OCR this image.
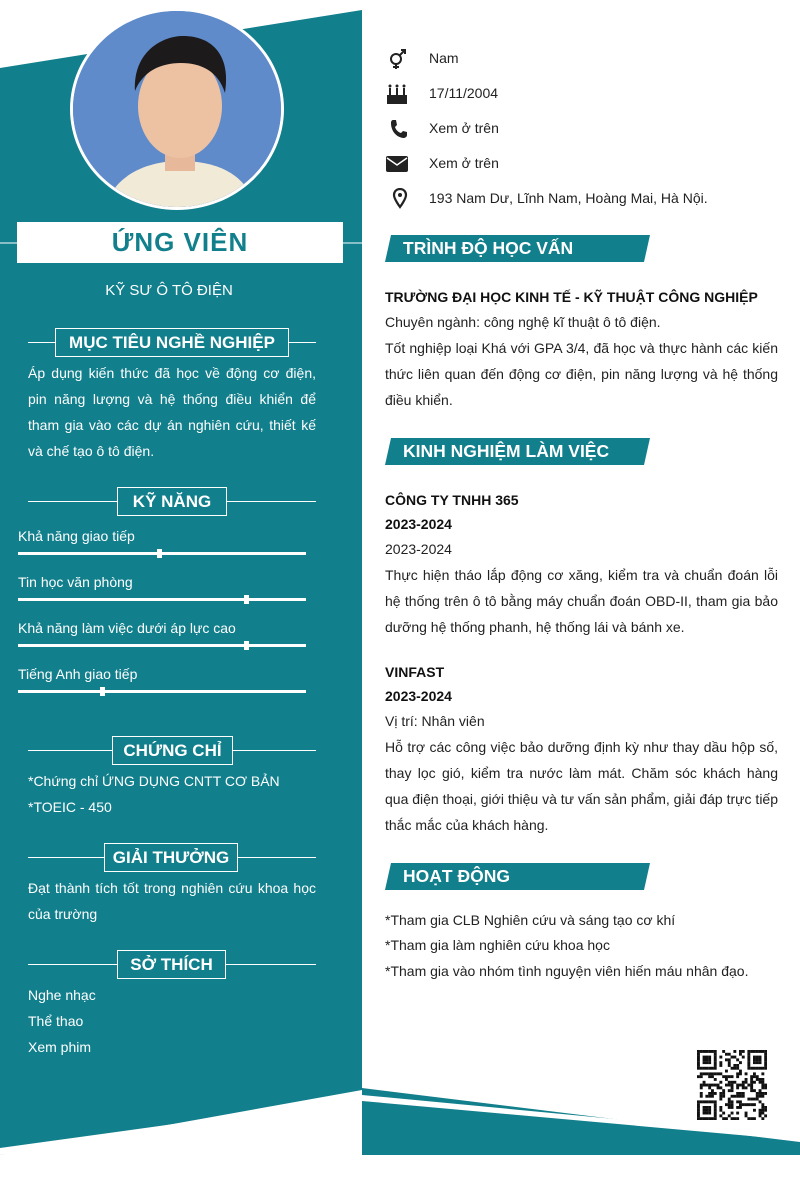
ỨNG VIÊN
KỸ SƯ Ô TÔ ĐIỆN
MỤC TIÊU NGHỀ NGHIỆP
Áp dụng kiến thức đã học về động cơ điện, pin năng lượng và hệ thống điều khiển để tham gia vào các dự án nghiên cứu, thiết kế và chế tạo ô tô điện.
KỸ NĂNG
Khả năng giao tiếp
Tin học văn phòng
Khả năng làm việc dưới áp lực cao
Tiếng Anh giao tiếp
CHỨNG CHỈ
*Chứng chỉ ỨNG DỤNG CNTT CƠ BẢN
*TOEIC - 450
GIẢI THƯỞNG
Đạt thành tích tốt trong nghiên cứu khoa học của trường
SỞ THÍCH
Nghe nhạc
Thể thao
Xem phim
Nam
17/11/2004
Xem ở trên
Xem ở trên
193 Nam Dư, Lĩnh Nam, Hoàng Mai, Hà Nội.
TRÌNH ĐỘ HỌC VẤN
TRƯỜNG ĐẠI HỌC KINH TẾ - KỸ THUẬT CÔNG NGHIỆP
Chuyên ngành: công nghệ kĩ thuật ô tô điện.
Tốt nghiệp loại Khá với GPA 3/4, đã học và thực hành các kiến thức liên quan đến động cơ điện, pin năng lượng và hệ thống điều khiển.
KINH NGHIỆM LÀM VIỆC
CÔNG TY TNHH 365
2023-2024
2023-2024
Thực hiện tháo lắp động cơ xăng, kiểm tra và chuẩn đoán lỗi hệ thống trên ô tô bằng máy chuẩn đoán OBD-II, tham gia bảo dưỡng hệ thống phanh, hệ thống lái và bánh xe.
VINFAST
2023-2024
Vị trí: Nhân viên
Hỗ trợ các công việc bảo dưỡng định kỳ như thay dầu hộp số, thay lọc gió, kiểm tra nước làm mát. Chăm sóc khách hàng qua điện thoại, giới thiệu và tư vấn sản phẩm, giải đáp trực tiếp thắc mắc của khách hàng.
HOẠT ĐỘNG
*Tham gia CLB Nghiên cứu và sáng tạo cơ khí
*Tham gia làm nghiên cứu khoa học
*Tham gia vào nhóm tình nguyện viên hiến máu nhân đạo.
